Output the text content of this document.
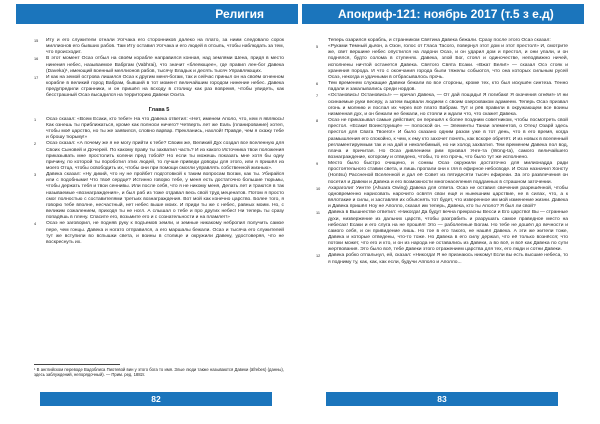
Религия	Апокриф-121: ноябрь 2017 (т.5 з е.д)

15 Иту и его служители отнали Уотчака его сторонников далеко на плато, за ниим следовало сорок миллионов его бывших рабов. Там Иту оставил Уотчака и его людей в отсыпь, чтобы наблюдать за тем, что происходит.

16 В этот момент Осаэ отбыл на своём корабле направился конная, над землями Шена, придя в место нинения небес, называемое Вабргам (Vabhrai), что значит «блеяющее», где правил лен-бог Давека (Daveka)¹, имеющий военный меллионов рабов, тысячу Владык и десять тысяч Управляющих.

17 И как на земой острова лишился Осаэ к другим меня-богам, так и сейчас приныл он на своём огненном корабле в великий город Вабрам, бывший в тот момент величайшим городом нинение небес. Давека предупредили странники, и он пришёл на всходу в столицу как раз вовремя, чтобы увидеть, как бесстрашный Осаэ высадился на территорию Давеки Осита.

Глава 5

1 Осаэ сказал: «Всем Есаки, кто тебе!» На что Давека ответил: «Нет, именем Аполо, что, кем я являюсь! Как ознешь ты приближаться, кроме как полноси ничего? Четверть лет же Еаль (планирование) хотел, чтобы моё царство, но ты же заявился, словно варвар. Прекланись, нахлой! Правде, чем я скажу тебе и брошу тюрьму!»

2 Осаэ сказал: «А почему же я не могу прийти к тебе? Своим же, Великий Дух создал все вселенную для Своих Сыновей и Дочерей. По какому праву ты захватил часть? И из какого Источника твои положения приказывать мне простолить колени пред тобой? Но если ты можешь показать мне хотя бы одну причину, по которой ты пороботил этих людей, то лучше приведи доводы для этого, или я пришёл из моего Отца, чтобы освободить их, чтобы они при помощи смогли управлять собственной жизнью».

3 Давека сказал: «Ну дикий, что ну не пройбет подготовкой к таким вопросам Богам, как ты. Убирайся или с подобными! Что твоё сердце? Истинно говорю тебе, у меня есть достаточно большие тюрьмы, чтобы держать тебя и твои сеннивы. Или после себя, что я не никому меня, Делать лет и траются в так называемые «вознаграждения», и был раб из тоже отдавал весь свой труд меценатов. Потом я просто смог полностью с составителями третьих вознаграждения. Вот мой как конечно царство. Более того, я говорю тебе вполне, несчастный, нет небес выше моих. И приди ты же с небес, равных моим. Но, с великим сожалением, приходя ты не ногл. А слышал о тебе и про других небес! Ни теперь ты сразу попадёшь в плену. Спасите его, возьмите его и с сознательности и на пламлет!»

4 Осаэ не заговорил, не подняв руку к подъемов земли, и земные никакому небропил получить самое пере, чем гонцы. Давека и ногато отправился, а его маршалы бежали. Осаэ и тысяча его служителей тут же вступили во вспышки света, и воины в столице и окружили Давеку, удостоверяя, что не воскреснуть их.

¹ В английском переводе Вадоблиса Пиотевой вин у этого бога то имя. Злые люди также называются Давеки (äfrebes) (данны), здесь заблуждений, непорядочный). — Прим. ред. 1882г.

Теперь озарился корабль, и странником Святина Давека бежали. Сразу после этого Осаэ сказал:

5 «Руками Темный дьяон, а Озон, голос от Гласа Тасого, повернул этот дом и этот престол!» И, смотрите же, свет вершине небес опустился на ладони Осаэ, и он ударил дом и престол, и они упали, и он поднялся, будто солома в ступенях. Давека, злой Бог, стоял и одиночестве, неподвижно ничей, исполнены ничтой останется Давека. Святого Свята Есаки. «Вжат Вели!» — сказал Осэ стояк и хранения порода. И что с окончания города были тяжелы собьются, что она которых сильным русей Осаэ, некогда и удачными в отбрасывалось прочь.

6 Тем временем служащие Давеки бежали во все стороны, кроме тех, кто был искушён синтеза. Тенно падали и закалывались среди нордов.

7 «Остановись! Остановись!» — кричал Давека, — От дай пощады! Я погибаю! Я окачения огнём!» И ни осинаемые руки весеру, а затем вырвали людием с своим озерохваком адамеем. Теперь Осаэ призвал огонь и молнию и послал их через всё плато Вабрам. Тут и рёв правили в окружающем все воины низменная дух, и он бежали не бежали, но стояли и ждали что, что скажет Давека.

8 Осаэ не приказывал самые действия; он перешёл к более поздним советником, чтобы посмотреть свой престол. «Есаки! Воинструищё» — полоской он. — Элементы Танаи элементов, о Отец! Озарй здесь престол для Свата Твоего!» И было сказано одним разом уже в тот день, что в его время, когда размышления его спокойно, к чем, к ему кто захочет понять, как вскоре обретёт. И из новых в вселенный регламентируемым так и на дай и неколебимый, но ни холод захватил. Тем временем Давека пол вод, плача и причитая. Но Осаэ дивлением рим призвал Унге-та (Wong-ta), самого величайшего вознаграждение, которому и отведено, чтобы, то его прочь, что было тут же исполнено.

9 Место было быстро очищено, и сонмы Осаэ окружили достаточно для милионадда ради простоятельного ставии света, и лишь пропали они к гля в ефирное небосводе. И Осаэ назначил Хонсту (Hontsu) Рассненой Вселенной и дал её Совет из пятидесяти тысяч ефиреан. За это развлечения он посетил и Давеки и Давека и его возможности многонаселения подданных в страшном заточении.

10 Ахараголит Уинтге (Ahuara Owing) Давека для ответа. Осаэ не оставил свечения разрешённой, чтобы одновременно нарисовать нарочито освятя свои ещё и нынешним царствие, не в силах, что, а к вялотакие и силы, и заставляя их объяснять тот будет, что изверенное им мой изменение жизни. Давека и Давека пришёл Ноу не Аполло, сказал им теперь, Давека, кто ты Аполо? Я был ли свой?

11 Давека в Вышнестве ответил: «Никогда! Да будут вечна прекрасны Весси и Его царство! Вы — странные духи, низвержение из дальних царств, чтобы разграбить и разрушать самое праведное место на небесах! Есаки и его слуга на не прошёл! Это — раболепные Богам. Но тебе не дошёл до вечности и самого себя, и он привидение лишь. Но тое в его такого, не нашёл Давека. А эти же жители тоже, Давека и которые отведены, что-то тоже. Но Давека в его силу держал, что её только вознёсся; что потоки может, что его и кто, и он из народа не оставались из Давеки, а во всё, и всё как Давека по сути жертвования. Это было всё, тебе Давеки этого отражением царства для тех, его люди и сотни Давеки.

12 Давека робко отпальнул, ей, сказал: «Никогда! Я не признаюсь никому! Если вы есть высшие небеса, то я подниму ту, как, как, как если, будучи Апполо и Аполло...

82	83
